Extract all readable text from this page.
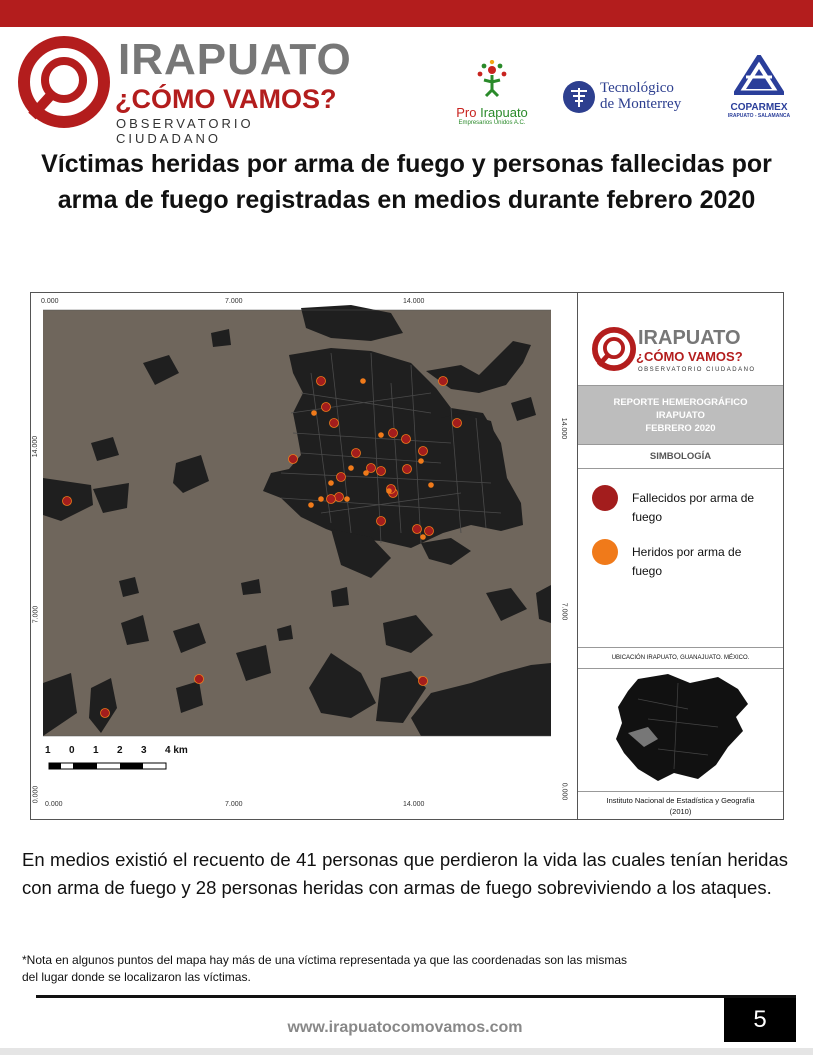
IRAPUATO
¿CÓMO VAMOS?
OBSERVATORIO CIUDADANO
Pro Irapuato
Empresarios Unidos A.C.
Tecnológico
de Monterrey	COPARMEX
IRAPUATO - SALAMANCA
Víctimas heridas por arma de fuego y personas fallecidas por arma de fuego registradas en medios durante febrero 2020
0.000	7.000	14.000
0.000	7.000	14.000
14.000
7.000
0.000
14.000
7.000
0.000
1 0 1 2 3 4 km
IRAPUATO
¿CÓMO VAMOS?
OBSERVATORIO CIUDADANO
REPORTE HEMEROGRÁFICO
IRAPUATO
FEBRERO 2020
SIMBOLOGÍA
Fallecidos por arma de fuego
Heridos por arma de fuego
UBICACIÓN IRAPUATO, GUANAJUATO. MÉXICO.
Instituto Nacional de Estadística y Geografía
(2010)
En medios existió el recuento de 41 personas que perdieron la vida las cuales tenían heridas con arma de fuego y 28 personas heridas con armas de fuego sobreviviendo a los ataques.
*Nota en algunos puntos del mapa hay más de una víctima representada ya que las coordenadas son las mismas
del lugar donde se localizaron las víctimas.
www.irapuatocomovamos.com	5
